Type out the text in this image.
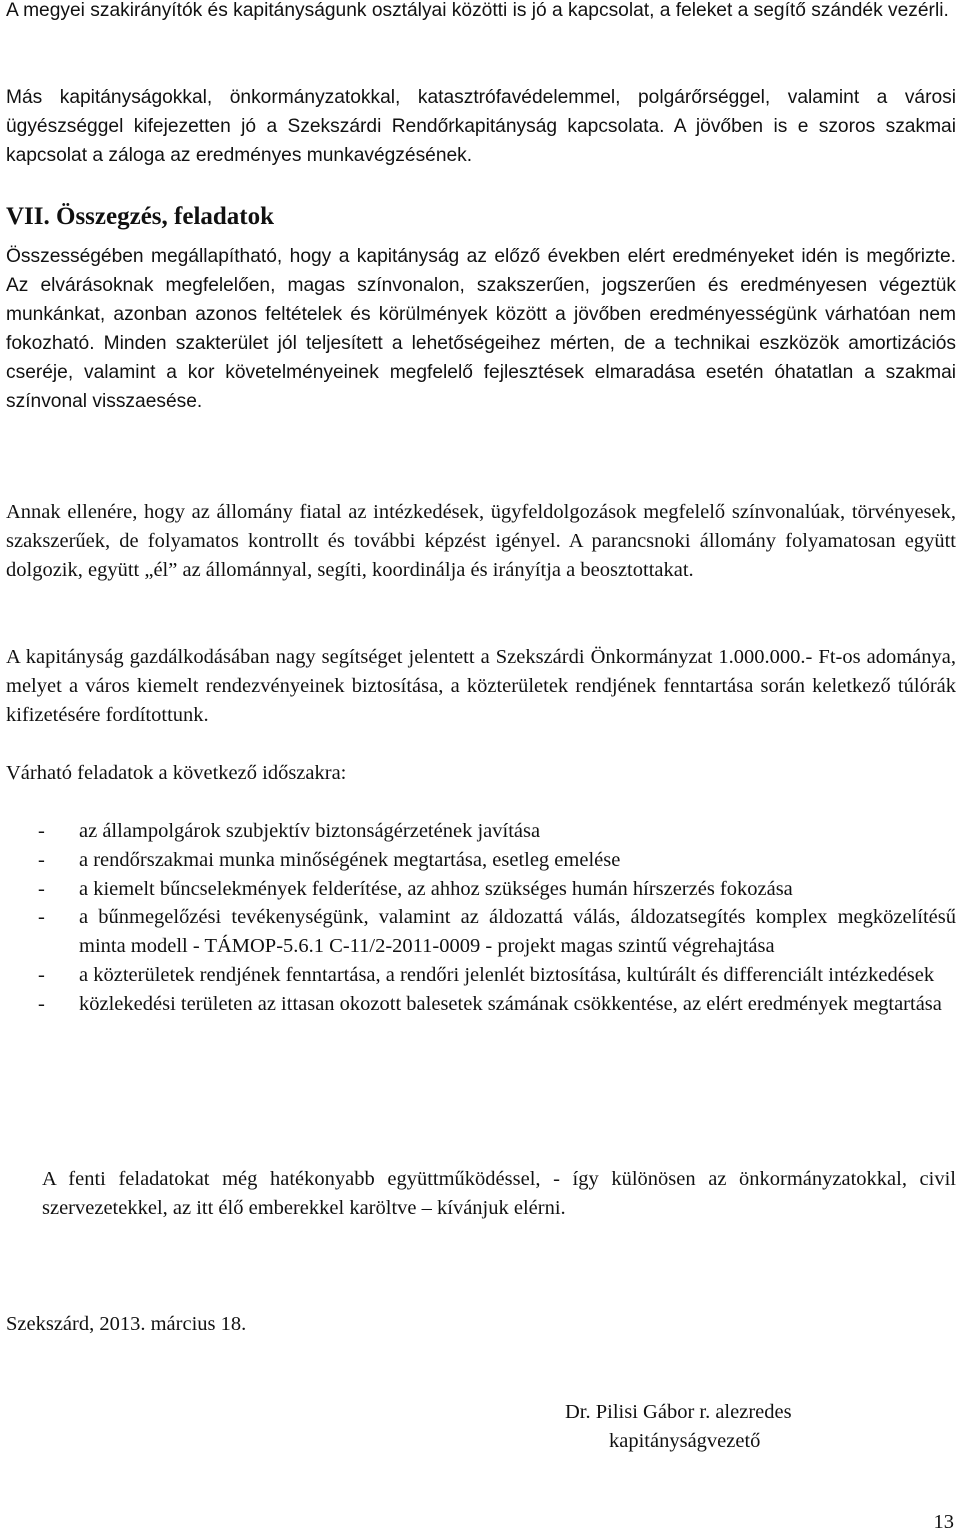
A megyei szakirányítók és kapitányságunk osztályai közötti is jó a kapcsolat, a feleket a segítő szándék vezérli.

Más kapitányságokkal, önkormányzatokkal, katasztrófavédelemmel, polgárőrséggel, valamint a városi ügyészséggel kifejezetten jó a Szekszárdi Rendőrkapitányság kapcsolata. A jövőben is e szoros szakmai kapcsolat a záloga az eredményes munkavégzésének.

VII. Összegzés, feladatok

Összességében megállapítható, hogy a kapitányság az előző években elért eredményeket idén is megőrizte. Az elvárásoknak megfelelően, magas színvonalon, szakszerűen, jogszerűen és eredményesen végeztük munkánkat, azonban azonos feltételek és körülmények között a jövőben eredményességünk várhatóan nem fokozható. Minden szakterület jól teljesített a lehetőségeihez mérten, de a technikai eszközök amortizációs cseréje, valamint a kor követelményeinek megfelelő fejlesztések elmaradása esetén óhatatlan a szakmai színvonal visszaesése.

Annak ellenére, hogy az állomány fiatal az intézkedések, ügyfeldolgozások megfelelő színvonalúak, törvényesek, szakszerűek, de folyamatos kontrollt és további képzést igényel. A parancsnoki állomány folyamatosan együtt dolgozik, együtt „él” az állománnyal, segíti, koordinálja és irányítja a beosztottakat.

A kapitányság gazdálkodásában nagy segítséget jelentett a Szekszárdi Önkormányzat 1.000.000.- Ft-os adománya, melyet a város kiemelt rendezvényeinek biztosítása, a közterületek rendjének fenntartása során keletkező túlórák kifizetésére fordítottunk.

Várható feladatok a következő időszakra:

- az állampolgárok szubjektív biztonságérzetének javítása
- a rendőrszakmai munka minőségének megtartása, esetleg emelése
- a kiemelt bűncselekmények felderítése, az ahhoz szükséges humán hírszerzés fokozása
- a bűnmegelőzési tevékenységünk, valamint az áldozattá válás, áldozatsegítés komplex megközelítésű minta modell - TÁMOP-5.6.1 C-11/2-2011-0009 - projekt magas szintű végrehajtása
- a közterületek rendjének fenntartása, a rendőri jelenlét biztosítása, kultúrált és differenciált intézkedések
- közlekedési területen az ittasan okozott balesetek számának csökkentése, az elért eredmények megtartása

A fenti feladatokat még hatékonyabb együttműködéssel, - így különösen az önkormányzatokkal, civil szervezetekkel, az itt élő emberekkel karöltve – kívánjuk elérni.

Szekszárd, 2013. március 18.

Dr. Pilisi Gábor r. alezredes
kapitányságvezető
13
